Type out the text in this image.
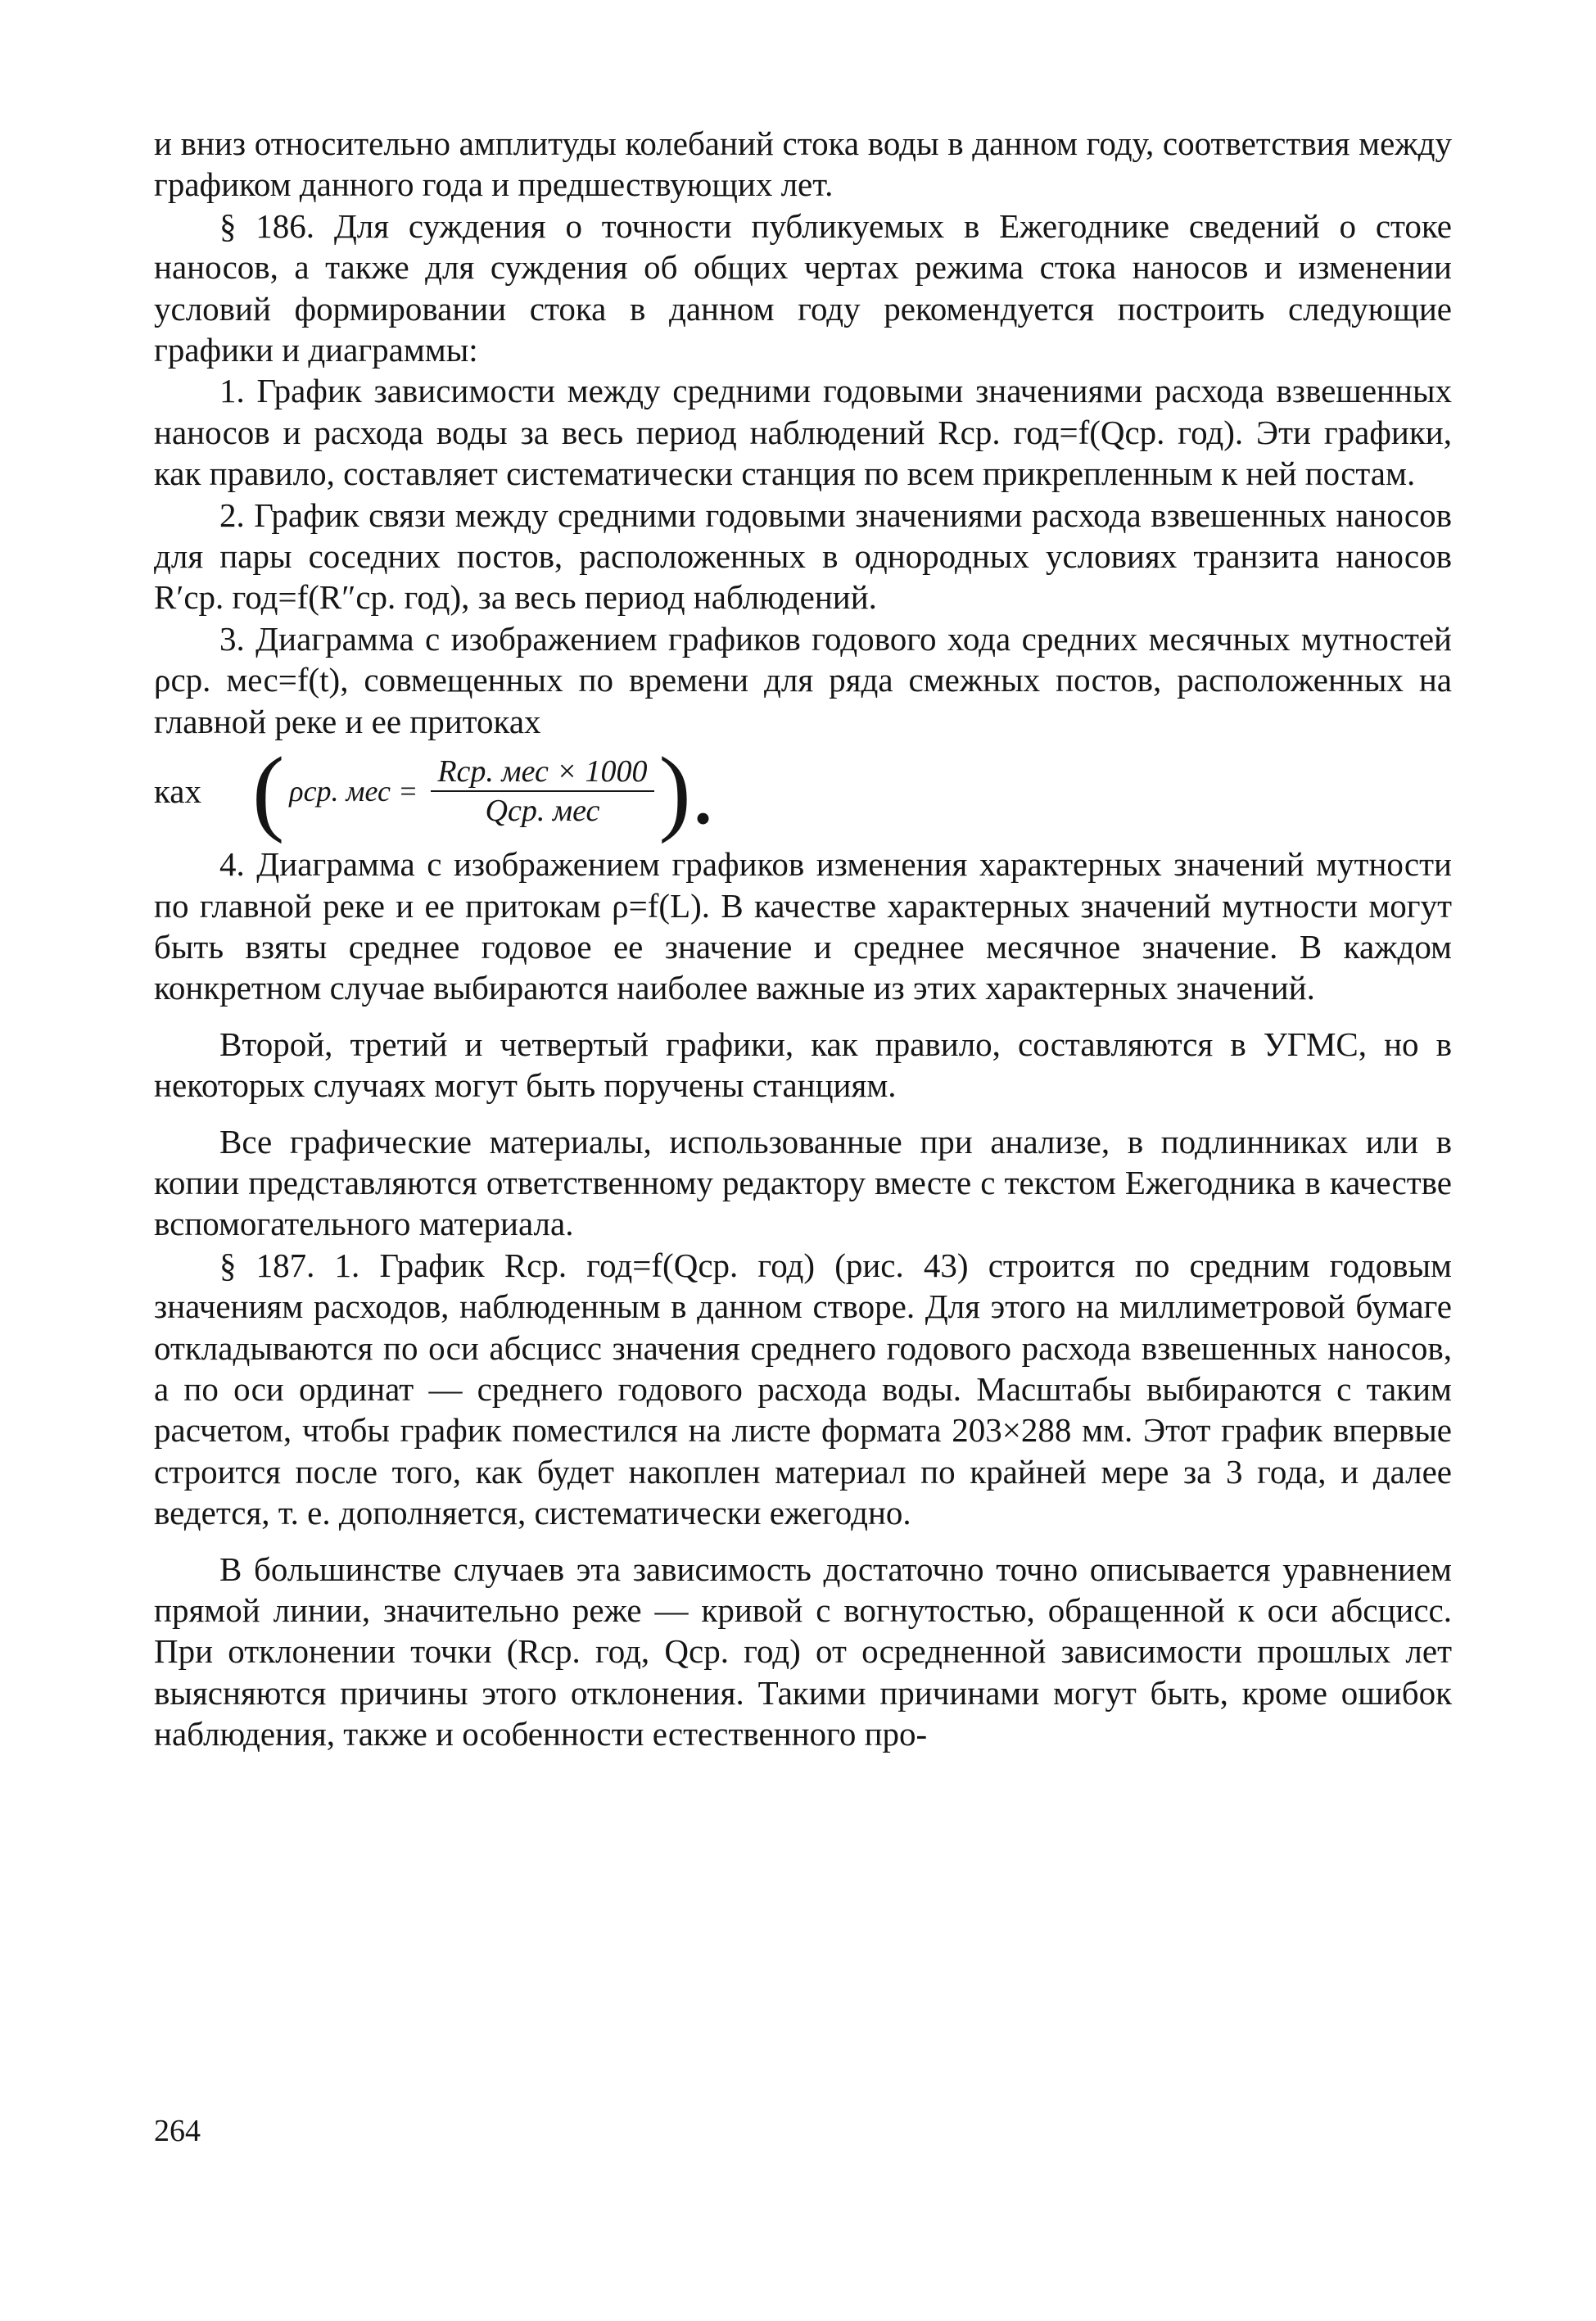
и вниз относительно амплитуды колебаний стока воды в данном году, соответствия между графиком данного года и предшествующих лет.

§ 186. Для суждения о точности публикуемых в Ежегоднике сведений о стоке наносов, а также для суждения об общих чертах режима стока наносов и изменении условий формировании стока в данном году рекомендуется построить следующие графики и диаграммы:

1. График зависимости между средними годовыми значениями расхода взвешенных наносов и расхода воды за весь период наблюдений Rср. год=f(Qср. год). Эти графики, как правило, составляет систематически станция по всем прикрепленным к ней постам.

2. График связи между средними годовыми значениями расхода взвешенных наносов для пары соседних постов, расположенных в однородных условиях транзита наносов R′ср. год=f(R″ср. год), за весь период наблюдений.

3. Диаграмма с изображением графиков годового хода средних месячных мутностей ρср. мес=f(t), совмещенных по времени для ряда смежных постов, расположенных на главной реке и ее притоках

ках ( ρср. мес = $\frac{\text{Rср. мес × 1000}}{\text{Qср. мес}}$ ).

4. Диаграмма с изображением графиков изменения характерных значений мутности по главной реке и ее притокам ρ=f(L). В качестве характерных значений мутности могут быть взяты среднее годовое ее значение и среднее месячное значение. В каждом конкретном случае выбираются наиболее важные из этих характерных значений.

Второй, третий и четвертый графики, как правило, составляются в УГМС, но в некоторых случаях могут быть поручены станциям.

Все графические материалы, использованные при анализе, в подлинниках или в копии представляются ответственному редактору вместе с текстом Ежегодника в качестве вспомогательного материала.

§ 187. 1. График Rср. год=f(Qср. год) (рис. 43) строится по средним годовым значениям расходов, наблюденным в данном створе. Для этого на миллиметровой бумаге откладываются по оси абсцисс значения среднего годового расхода взвешенных наносов, а по оси ординат — среднего годового расхода воды. Масштабы выбираются с таким расчетом, чтобы график поместился на листе формата 203×288 мм. Этот график впервые строится после того, как будет накоплен материал по крайней мере за 3 года, и далее ведется, т. е. дополняется, систематически ежегодно.

В большинстве случаев эта зависимость достаточно точно описывается уравнением прямой линии, значительно реже — кривой с вогнутостью, обращенной к оси абсцисс. При отклонении точки (Rср. год, Qср. год) от осредненной зависимости прошлых лет выясняются причины этого отклонения. Такими причинами могут быть, кроме ошибок наблюдения, также и особенности естественного про-

264
